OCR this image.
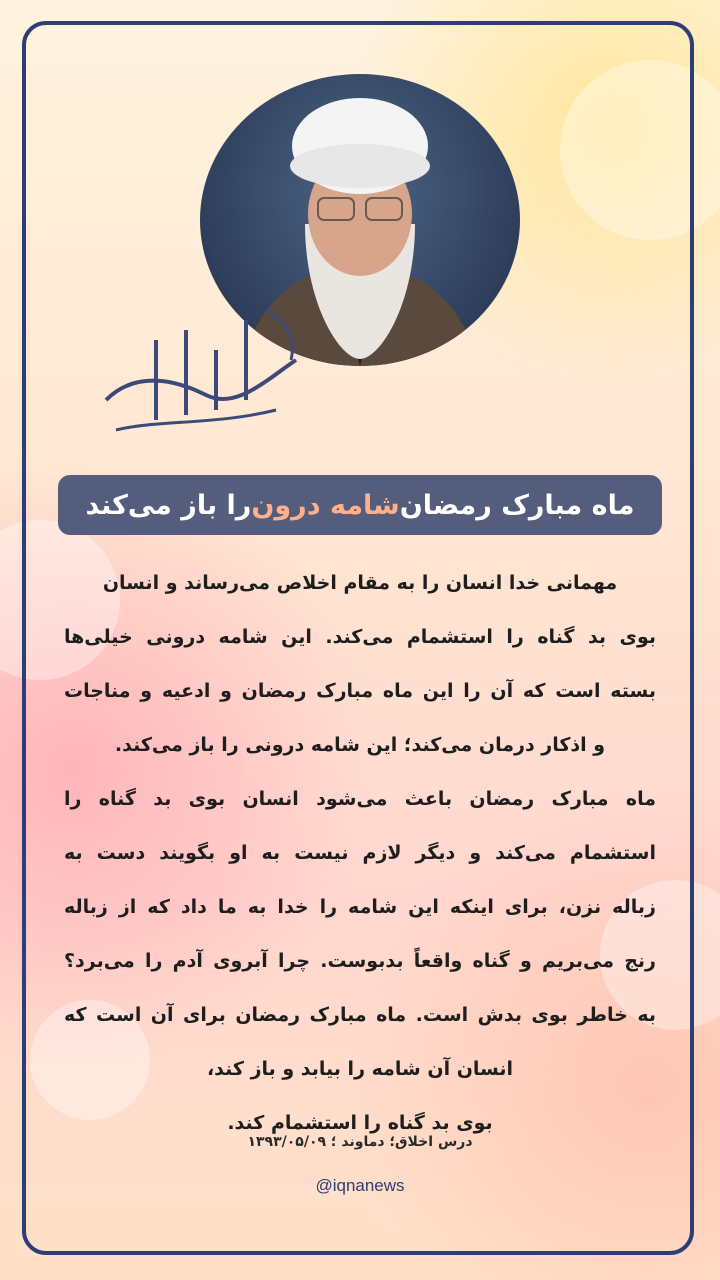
ماه مبارک رمضان
شامه درون
را باز می‌کند
مهمانی خدا انسان را به مقام اخلاص می‌رساند و انسان
بوی بد گناه را استشمام می‌کند. این شامه درونی خیلی‌ها
بسته است که آن را این ماه مبارک رمضان و ادعیه و مناجات
و اذکار درمان می‌کند؛ این شامه درونی را باز می‌کند.
ماه مبارک رمضان باعث می‌شود انسان بوی بد گناه را
استشمام می‌کند و دیگر لازم نیست به او بگویند دست به
زباله نزن، برای اینکه این شامه را خدا به ما داد که از زباله
رنج می‌بریم و گناه واقعاً بدبوست. چرا آبروی آدم را می‌برد؟
به خاطر بوی بدش است. ماه مبارک رمضان برای آن است که
انسان آن شامه را بیابد و باز کند،
بوی بد گناه را استشمام کند.
درس اخلاق؛ دماوند ؛ ۱۳۹۳/۰۵/۰۹
@iqnanews
